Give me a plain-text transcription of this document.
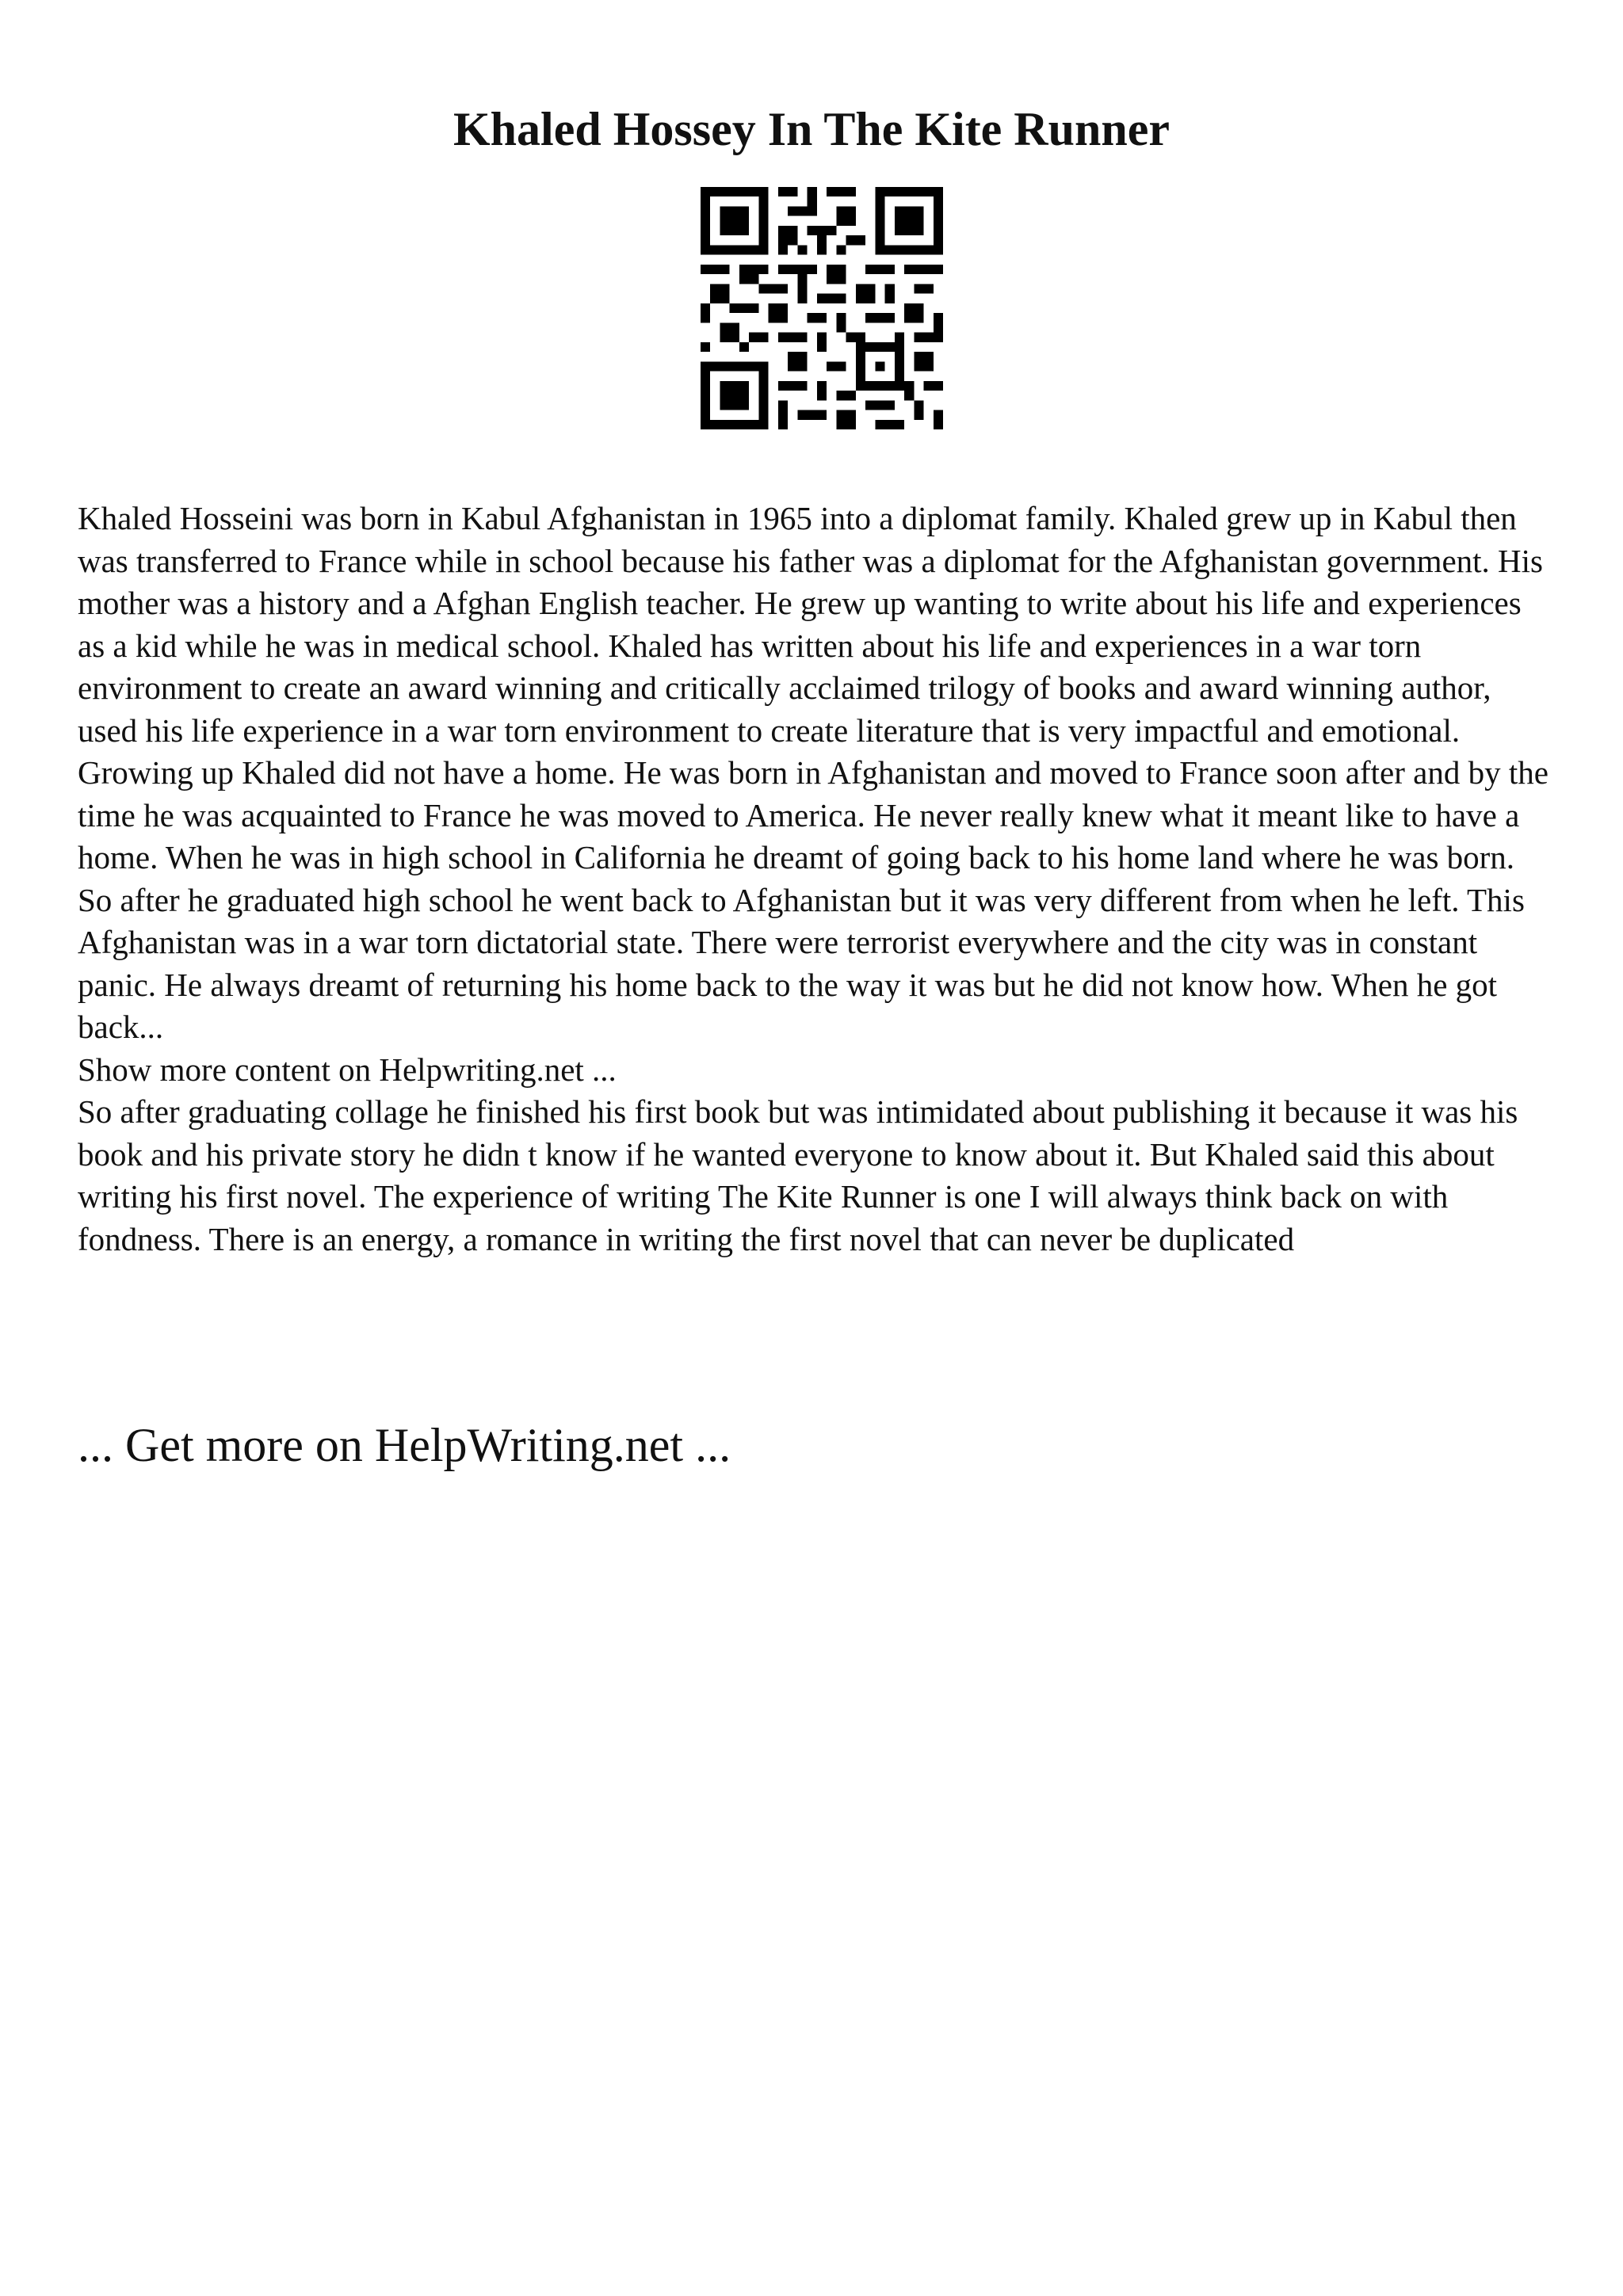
Khaled Hossey In The Kite Runner

Khaled Hosseini was born in Kabul Afghanistan in 1965 into a diplomat family. Khaled grew up in Kabul then was transferred to France while in school because his father was a diplomat for the Afghanistan government. His mother was a history and a Afghan English teacher. He grew up wanting to write about his life and experiences as a kid while he was in medical school. Khaled has written about his life and experiences in a war torn environment to create an award winning and critically acclaimed trilogy of books and award winning author, used his life experience in a war torn environment to create literature that is very impactful and emotional. Growing up Khaled did not have a home. He was born in Afghanistan and moved to France soon after and by the time he was acquainted to France he was moved to America. He never really knew what it meant like to have a home. When he was in high school in California he dreamt of going back to his home land where he was born. So after he graduated high school he went back to Afghanistan but it was very different from when he left. This Afghanistan was in a war torn dictatorial state. There were terrorist everywhere and the city was in constant panic. He always dreamt of returning his home back to the way it was but he did not know how. When he got back...

Show more content on Helpwriting.net ...

So after graduating collage he finished his first book but was intimidated about publishing it because it was his book and his private story he didn t know if he wanted everyone to know about it. But Khaled said this about writing his first novel. The experience of writing The Kite Runner is one I will always think back on with fondness. There is an energy, a romance in writing the first novel that can never be duplicated

... Get more on HelpWriting.net ...
